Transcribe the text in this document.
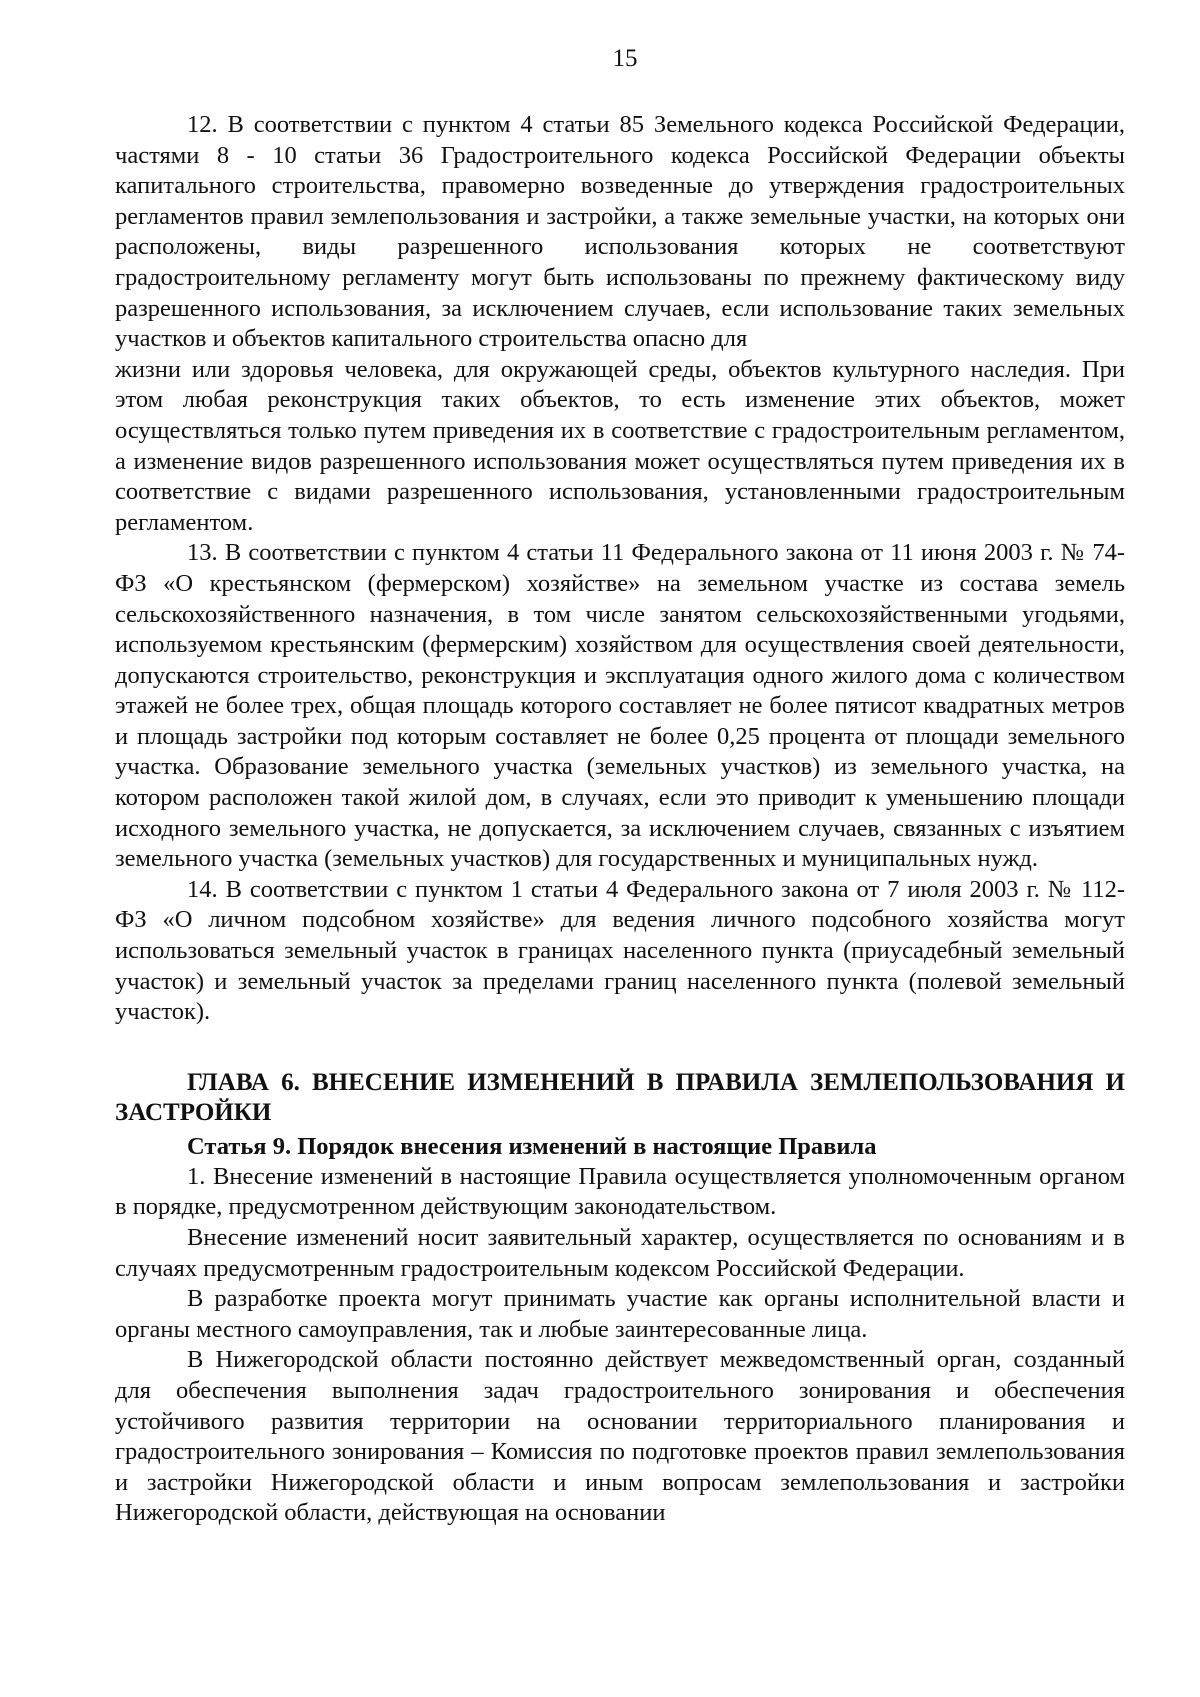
15

12. В соответствии с пунктом 4 статьи 85 Земельного кодекса Российской Федерации, частями 8 - 10 статьи 36 Градостроительного кодекса Российской Федерации объекты капитального строительства, правомерно возведенные до утверждения градостроительных регламентов правил землепользования и застройки, а также земельные участки, на которых они расположены, виды разрешенного использования которых не соответствуют градостроительному регламенту могут быть использованы по прежнему фактическому виду разрешенного использования, за исключением случаев, если использование таких земельных участков и объектов капитального строительства опасно для

жизни или здоровья человека, для окружающей среды, объектов культурного наследия. При этом любая реконструкция таких объектов, то есть изменение этих объектов, может осуществляться только путем приведения их в соответствие с градостроительным регламентом, а изменение видов разрешенного использования может осуществляться путем приведения их в соответствие с видами разрешенного использования, установленными градостроительным регламентом.

13. В соответствии с пунктом 4 статьи 11 Федерального закона от 11 июня 2003 г. № 74-ФЗ «О крестьянском (фермерском) хозяйстве» на земельном участке из состава земель сельскохозяйственного назначения, в том числе занятом сельскохозяйственными угодьями, используемом крестьянским (фермерским) хозяйством для осуществления своей деятельности, допускаются строительство, реконструкция и эксплуатация одного жилого дома с количеством этажей не более трех, общая площадь которого составляет не более пятисот квадратных метров и площадь застройки под которым составляет не более 0,25 процента от площади земельного участка. Образование земельного участка (земельных участков) из земельного участка, на котором расположен такой жилой дом, в случаях, если это приводит к уменьшению площади исходного земельного участка, не допускается, за исключением случаев, связанных с изъятием земельного участка (земельных участков) для государственных и муниципальных нужд.

14. В соответствии с пунктом 1 статьи 4 Федерального закона от 7 июля 2003 г. № 112-ФЗ «О личном подсобном хозяйстве» для ведения личного подсобного хозяйства могут использоваться земельный участок в границах населенного пункта (приусадебный земельный участок) и земельный участок за пределами границ населенного пункта (полевой земельный участок).

ГЛАВА 6. ВНЕСЕНИЕ ИЗМЕНЕНИЙ В ПРАВИЛА ЗЕМЛЕПОЛЬЗОВАНИЯ И ЗАСТРОЙКИ
Статья 9. Порядок внесения изменений в настоящие Правила

1. Внесение изменений в настоящие Правила осуществляется уполномоченным органом в порядке, предусмотренном действующим законодательством.

Внесение изменений носит заявительный характер, осуществляется по основаниям и в случаях предусмотренным градостроительным кодексом Российской Федерации.

В разработке проекта могут принимать участие как органы исполнительной власти и органы местного самоуправления, так и любые заинтересованные лица.

В Нижегородской области постоянно действует межведомственный орган, созданный для обеспечения выполнения задач градостроительного зонирования и обеспечения устойчивого развития территории на основании территориального планирования и градостроительного зонирования – Комиссия по подготовке проектов правил землепользования и застройки Нижегородской области и иным вопросам землепользования и застройки Нижегородской области, действующая на основании
